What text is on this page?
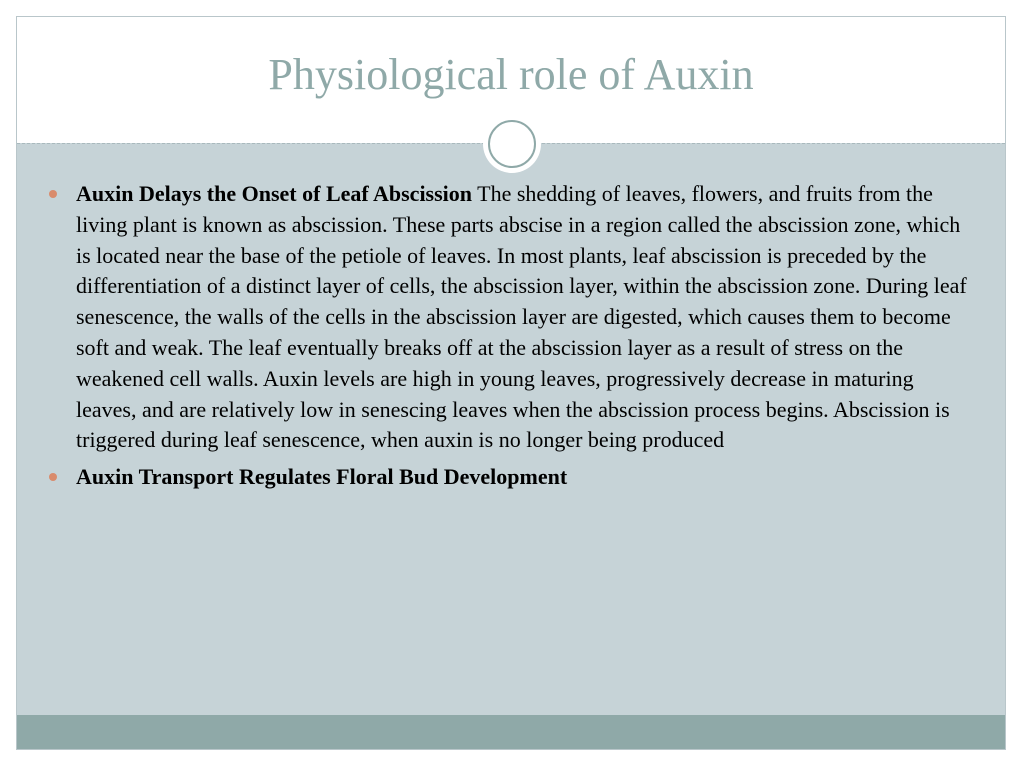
Physiological role of Auxin
Auxin Delays the Onset of Leaf Abscission The shedding of leaves, flowers, and fruits from the living plant is known as abscission. These parts abscise in a region called the abscission zone, which is located near the base of the petiole of leaves. In most plants, leaf abscission is preceded by the differentiation of a distinct layer of cells, the abscission layer, within the abscission zone. During leaf senescence, the walls of the cells in the abscission layer are digested, which causes them to become soft and weak. The leaf eventually breaks off at the abscission layer as a result of stress on the weakened cell walls. Auxin levels are high in young leaves, progressively decrease in maturing leaves, and are relatively low in senescing leaves when the abscission process begins. Abscission is triggered during leaf senescence, when auxin is no longer being produced
Auxin Transport Regulates Floral Bud Development
